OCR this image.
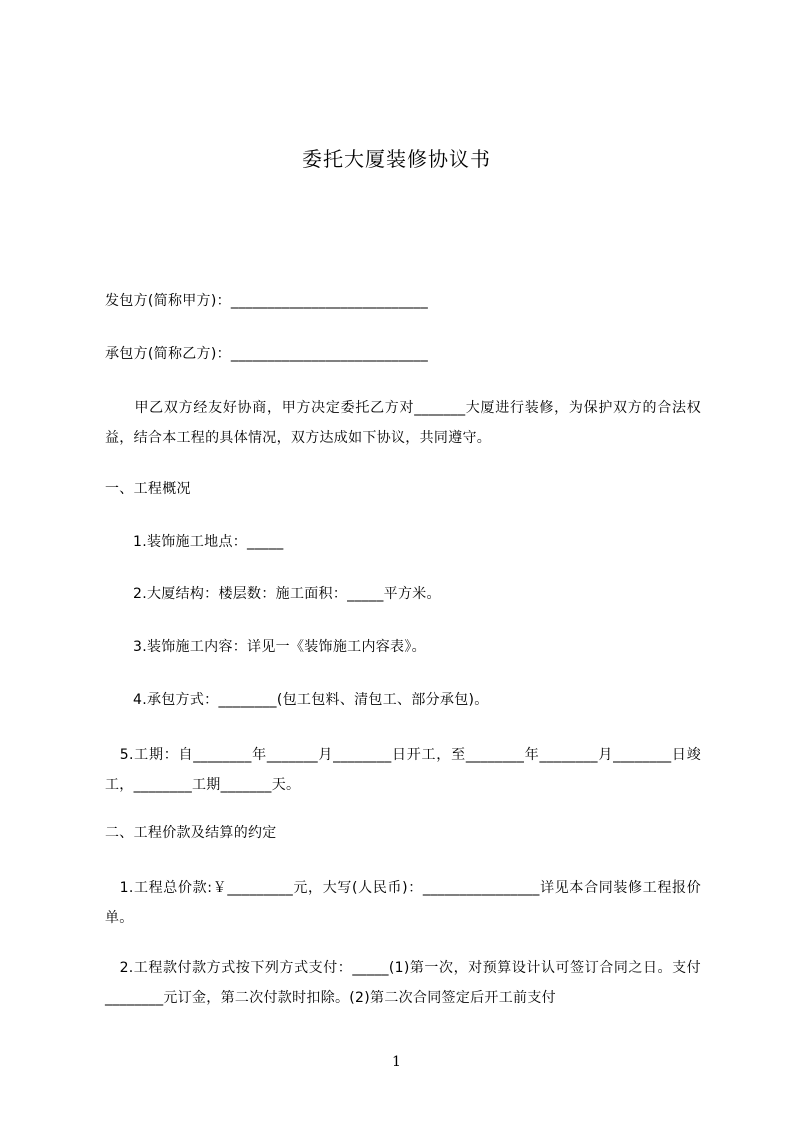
委托大厦装修协议书
发包方(简称甲方)：___________________________
承包方(简称乙方)：___________________________
　　甲乙双方经友好协商，甲方决定委托乙方对_______大厦进行装修，为保护双方的合法权益，结合本工程的具体情况，双方达成如下协议，共同遵守。
一、工程概况
1.装饰施工地点：_____
2.大厦结构：楼层数：施工面积：_____平方米。
3.装饰施工内容：详见一《装饰施工内容表》。
4.承包方式：________(包工包料、清包工、部分承包)。
　5.工期：自________年_______月________日开工，至________年________月________日竣工，________工期_______天。
二、工程价款及结算的约定
　1.工程总价款:￥_________元，大写(人民币)：________________详见本合同装修工程报价单。
　2.工程款付款方式按下列方式支付：_____(1)第一次，对预算设计认可签订合同之日。支付________元订金，第二次付款时扣除。(2)第二次合同签定后开工前支付
1
